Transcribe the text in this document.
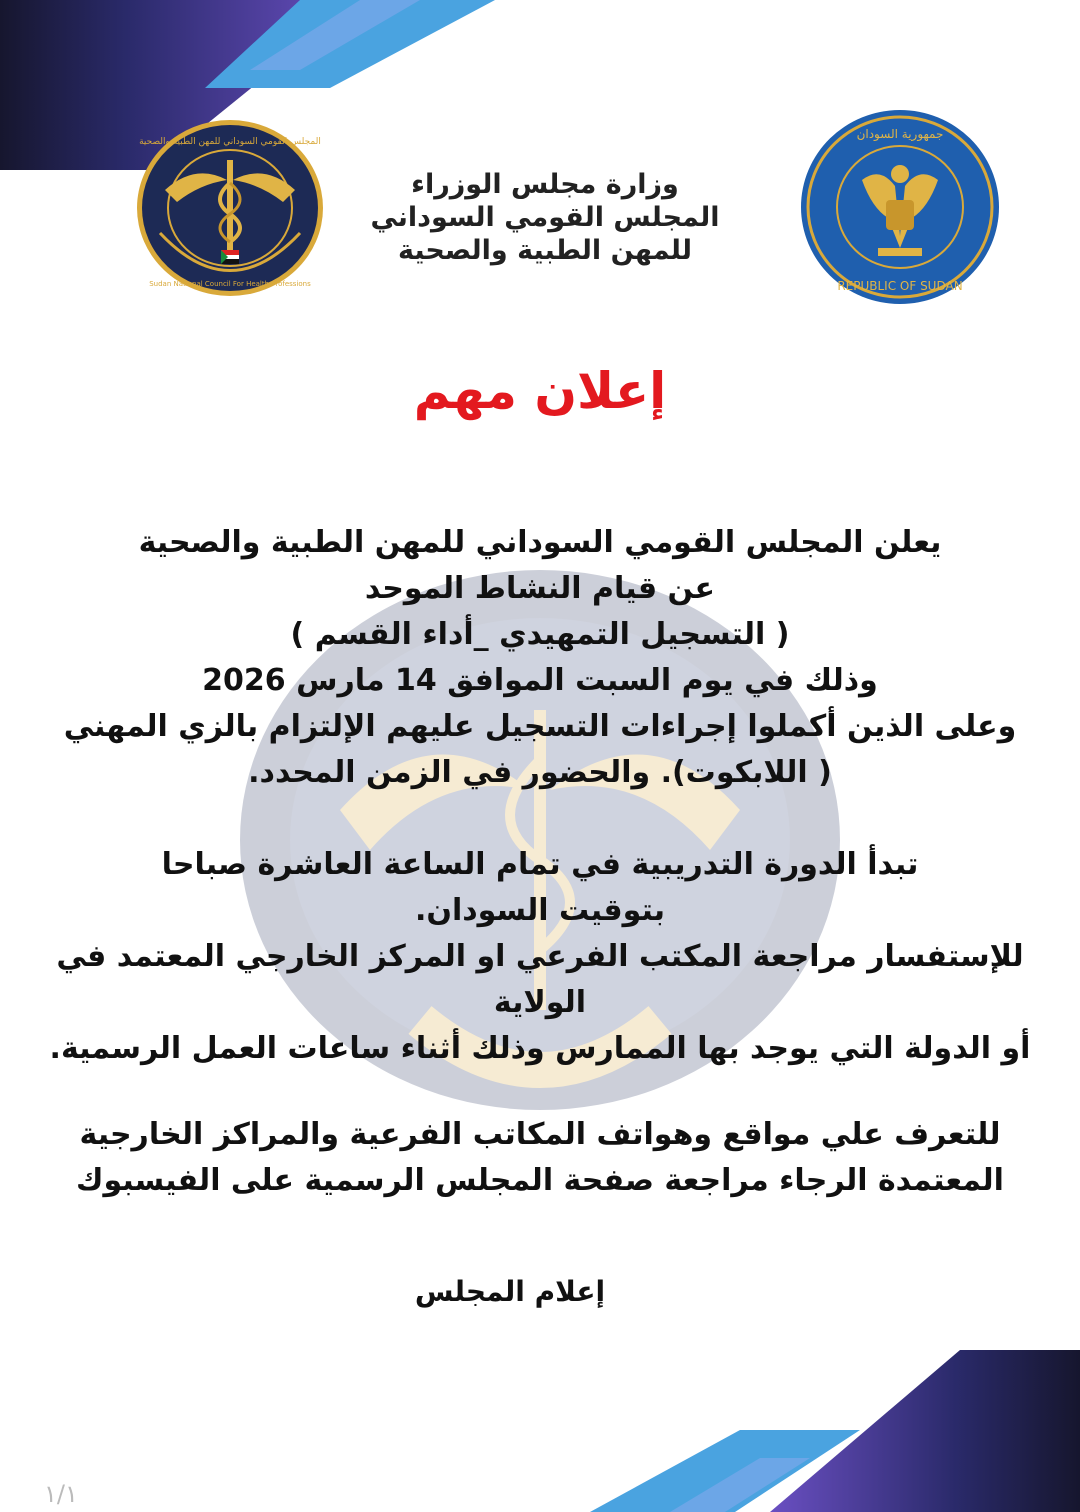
المجلس القومي السوداني للمهن الطبية والصحية
Sudan National Council For Health Professions
جمهورية السودان
REPUBLIC OF SUDAN
وزارة مجلس الوزراء
المجلس القومي السوداني
للمهن الطبية والصحية
إعلان مهم

يعلن المجلس القومي السوداني للمهن الطبية والصحية

عن قيام النشاط الموحد

( التسجيل التمهيدي _أداء القسم )

وذلك في يوم السبت الموافق 14 مارس 2026

وعلى الذين أكملوا إجراءات التسجيل عليهم الإلتزام بالزي المهني

( اللابكوت). والحضور في الزمن المحدد.

تبدأ الدورة التدريبية في تمام الساعة العاشرة صباحا

بتوقيت السودان.

للإستفسار مراجعة المكتب الفرعي او المركز الخارجي المعتمد في

الولاية

أو الدولة التي يوجد بها الممارس وذلك أثناء ساعات العمل الرسمية.

للتعرف علي مواقع وهواتف المكاتب الفرعية والمراكز الخارجية

المعتمدة الرجاء مراجعة صفحة المجلس الرسمية على الفيسبوك

إعلام المجلس
١/١
